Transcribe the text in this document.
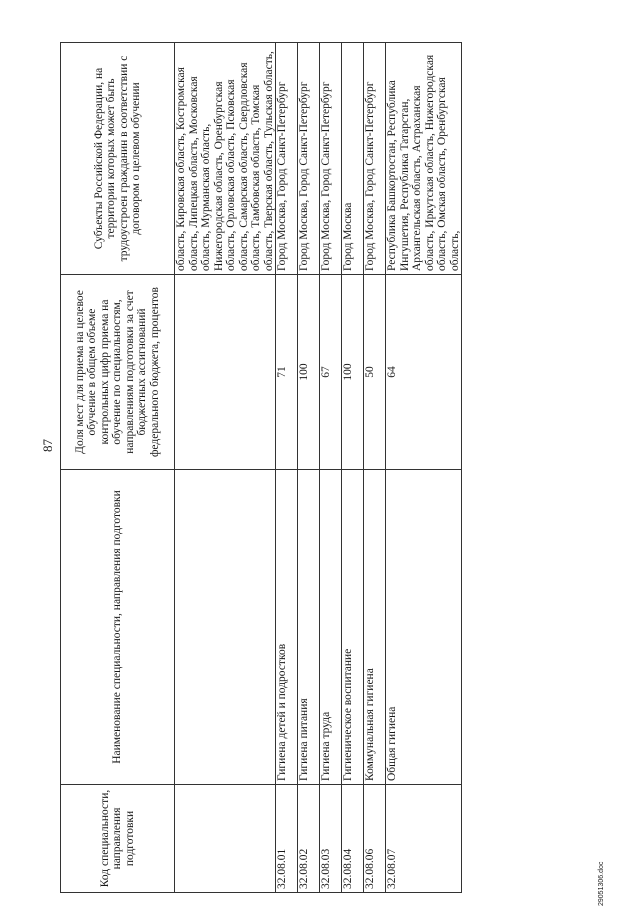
87
Код специальности, направления подготовки	Наименование специальности, направления подготовки	Доля мест для приема на целевое обучение в общем объеме контрольных цифр приема на обучение по специальностям, направлениям подготовки за счет бюджетных ассигнований федерального бюджета, процентов	Субъекты Российской Федерации, на территории которых может быть трудоустроен гражданин в соответствии с договором о целевом обучении
			область, Кировская область, Костромская область, Липецкая область, Московская область, Мурманская область, Нижегородская область, Оренбургская область, Орловская область, Псковская область, Самарская область, Свердловская область, Тамбовская область, Томская область, Тверская область, Тульская область,
32.08.01	Гигиена детей и подростков	71	Город Москва, Город Санкт-Петербург
32.08.02	Гигиена питания	100	Город Москва, Город Санкт-Петербург
32.08.03	Гигиена труда	67	Город Москва, Город Санкт-Петербург
32.08.04	Гигиеническое воспитание	100	Город Москва
32.08.06	Коммунальная гигиена	50	Город Москва, Город Санкт-Петербург
32.08.07	Общая гигиена	64	Республика Башкортостан, Республика Ингушетия, Республика Татарстан, Архангельская область, Астраханская область, Иркутская область, Нижегородская область, Омская область, Оренбургская область,
29051306.doc
